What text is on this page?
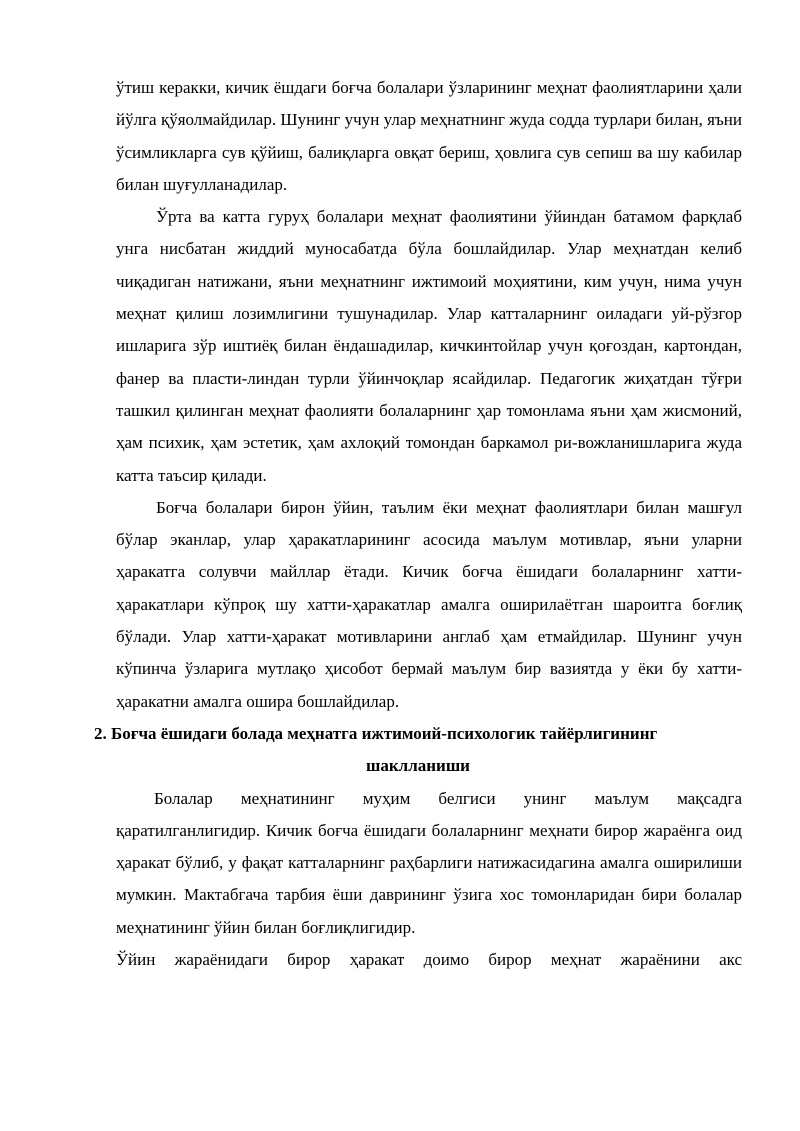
ўтиш керакки, кичик ёшдаги боғча болалари ўзларининг меҳнат фаолиятларини ҳали йўлга қўяолмайдилар. Шунинг учун улар меҳнатнинг жуда содда турлари билан, яъни ўсимликларга сув қўйиш, балиқларга овқат бериш, ҳовлига сув сепиш ва шу кабилар билан шуғулланадилар.

Ўрта ва катта гуруҳ болалари меҳнат фаолиятини ўйиндан батамом фарқлаб унга нисбатан жиддий муносабатда бўла бошлайдилар. Улар меҳнатдан келиб чиқадиган натижани, яъни меҳнатнинг ижтимоий моҳиятини, ким учун, нима учун меҳнат қилиш лозимлигини тушунадилар. Улар катталарнинг оиладаги уй-рўзгор ишларига зўр иштиёқ билан ёндашадилар, кичкинтойлар учун қоғоздан, картондан, фанер ва пласти-линдан турли ўйинчоқлар ясайдилар. Педагогик жиҳатдан тўғри ташкил қилинган меҳнат фаолияти болаларнинг ҳар томонлама яъни ҳам жисмоний, ҳам психик, ҳам эстетик, ҳам ахлоқий томондан баркамол ри-вожланишларига жуда катта таъсир қилади.

Боғча болалари бирон ўйин, таълим ёки меҳнат фаолиятлари билан машғул бўлар эканлар, улар ҳаракатларининг асосида маълум мотивлар, яъни уларни ҳаракатга солувчи майллар ётади. Кичик боғча ёшидаги болаларнинг хатти-ҳаракатлари кўпроқ шу хатти-ҳаракатлар амалга оширилаётган шароитга боғлиқ бўлади. Улар хатти-ҳаракат мотивларини англаб ҳам етмайдилар. Шунинг учун кўпинча ўзларига мутлақо ҳисобот бермай маълум бир вазиятда у ёки бу хатти-ҳаракатни амалга ошира бошлайдилар.

2. Боғча ёшидаги болада меҳнатга ижтимоий-психологик тайёрлигининг
шаклланиши

Болалар меҳнатининг муҳим белгиси унинг маълум мақсадга қаратилганлигидир. Кичик боғча ёшидаги болаларнинг меҳнати бирор жараёнга оид ҳаракат бўлиб, у фақат катталарнинг раҳбарлиги натижасидагина амалга оширилиши мумкин. Мактабгача тарбия ёши даврининг ўзига хос томонларидан бири болалар меҳнатининг ўйин билан боғлиқлигидир.

Ўйин жараёнидаги бирор ҳаракат доимо бирор меҳнат жараёнини акс
